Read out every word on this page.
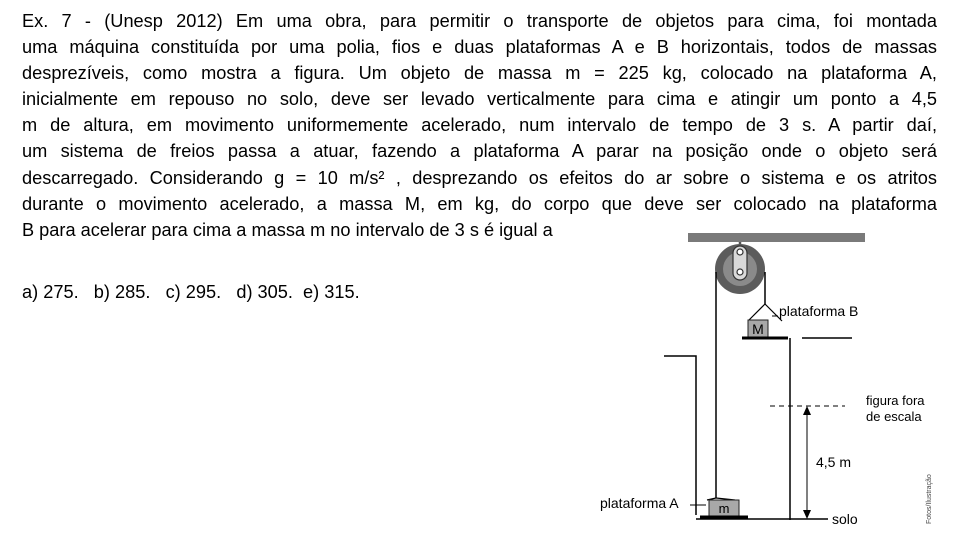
Ex. 7 - (Unesp 2012) Em uma obra, para permitir o transporte de objetos para cima, foi montada
uma máquina constituída por uma polia, fios e duas plataformas A e B horizontais, todos de massas
desprezíveis, como mostra a figura. Um objeto de massa m = 225 kg, colocado na plataforma A,
inicialmente em repouso no solo, deve ser levado verticalmente para cima e atingir um ponto a 4,5
m de altura, em movimento uniformemente acelerado, num intervalo de tempo de 3 s. A partir daí,
um sistema de freios passa a atuar, fazendo a plataforma A parar na posição onde o objeto será
descarregado. Considerando g = 10 m/s² , desprezando os efeitos do ar sobre o sistema e os atritos
durante o movimento acelerado, a massa M, em kg, do corpo que deve ser colocado na plataforma
B para acelerar para cima a massa m no intervalo de 3 s é igual a
a) 275.   b) 285.   c) 295.   d) 305.  e) 315.
M
plataforma B
4,5 m
figura fora
de escala
m
plataforma A
solo	Fotos/Ilustração
